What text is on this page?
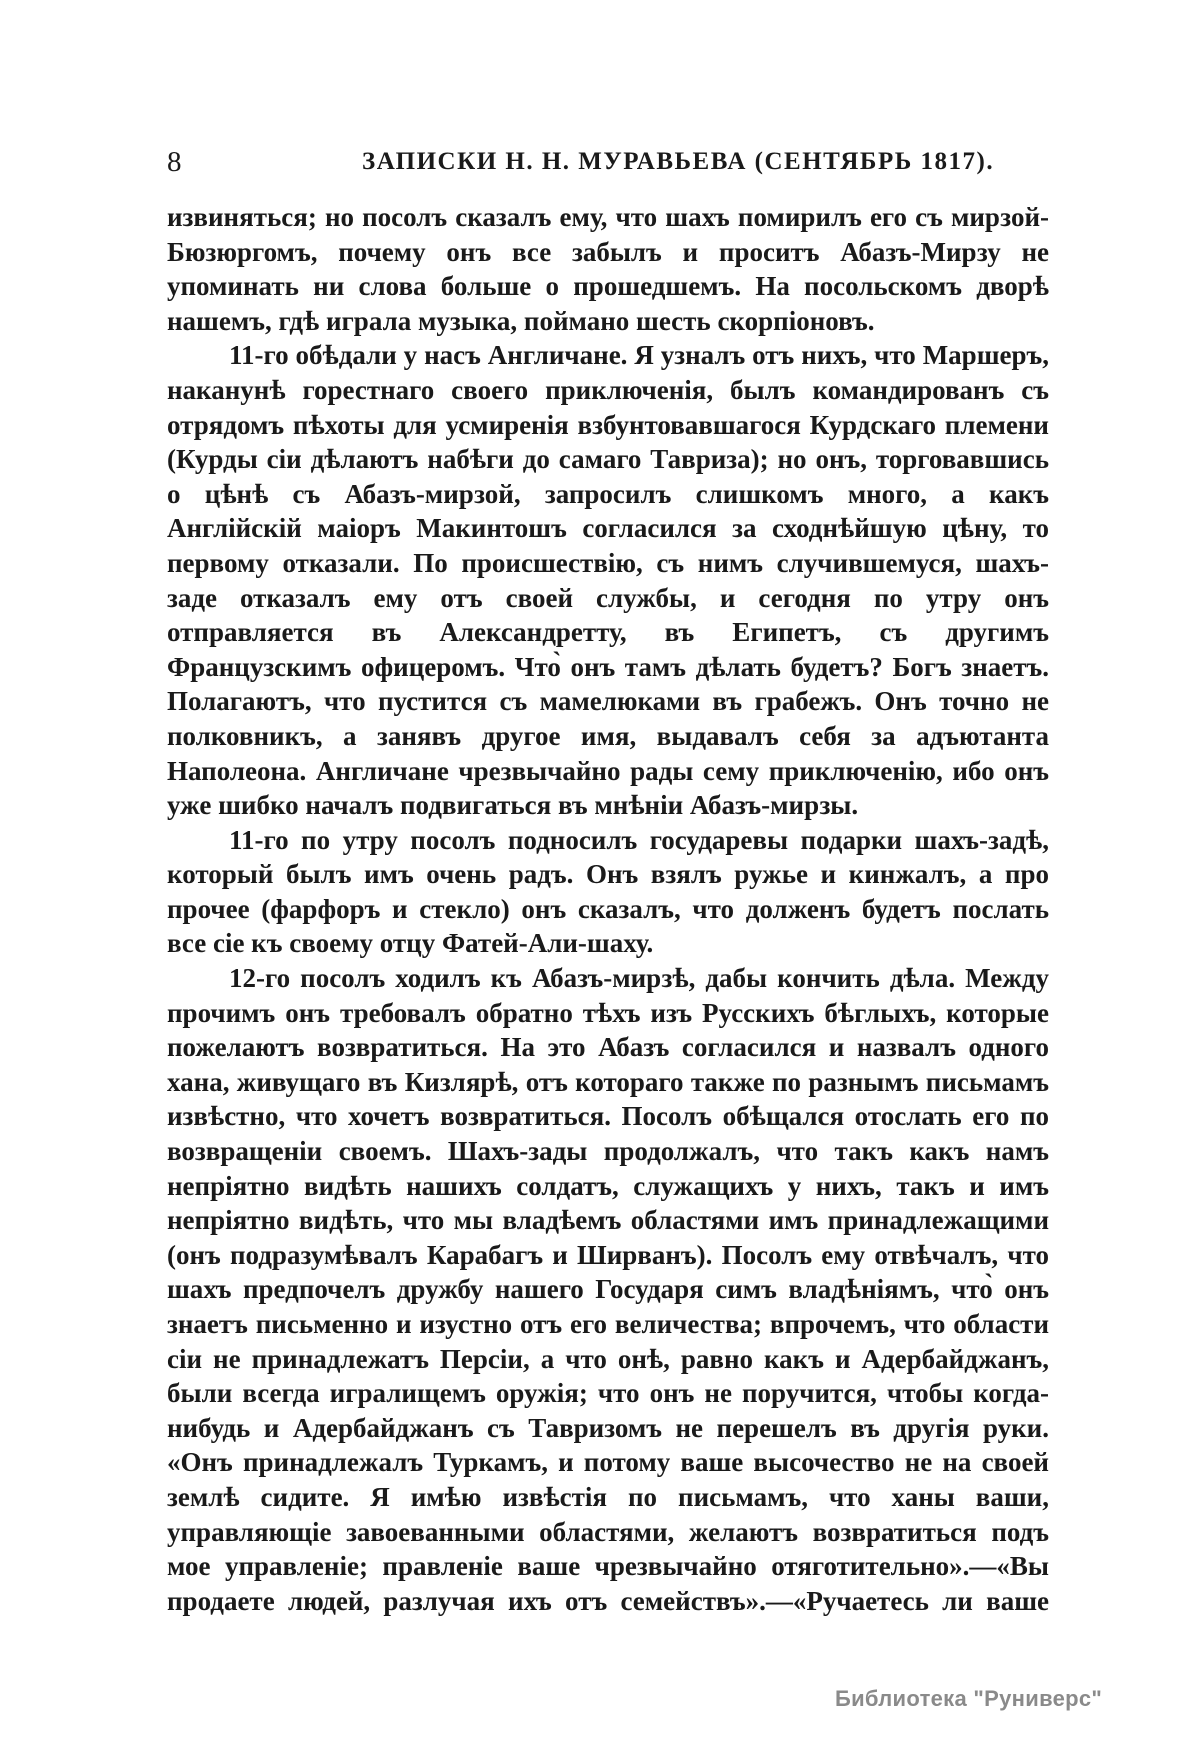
8	ЗАПИСКИ Н. Н. МУРАВЬЕВА (СЕНТЯБРЬ 1817).

извиняться; но посолъ сказалъ ему, что шахъ помирилъ его съ мирзой-Бюзюргомъ, почему онъ все забылъ и проситъ Абазъ-Мирзу не упоминать ни слова больше о прошедшемъ. На посольскомъ дворѣ нашемъ, гдѣ играла музыка, поймано шесть скорпіоновъ.

11-го обѣдали у насъ Англичане. Я узналъ отъ нихъ, что Маршеръ, наканунѣ горестнаго своего приключенія, былъ командированъ съ отрядомъ пѣхоты для усмиренія взбунтовавшагося Курдскаго племени (Курды сіи дѣлаютъ набѣги до самаго Тавриза); но онъ, торговавшись о цѣнѣ съ Абазъ-мирзой, запросилъ слишкомъ много, а какъ Англійскій маіоръ Макинтошъ согласился за сходнѣйшую цѣну, то первому отказали. По происшествію, съ нимъ случившемуся, шахъ-заде отказалъ ему отъ своей службы, и сегодня по утру онъ отправляется въ Александретту, въ Египетъ, съ другимъ Французскимъ офицеромъ. Что̀ онъ тамъ дѣлать будетъ? Богъ знаетъ. Полагаютъ, что пустится съ мамелюками въ грабежъ. Онъ точно не полковникъ, а занявъ другое имя, выдавалъ себя за адъютанта Наполеона. Англичане чрезвычайно рады сему приключенію, ибо онъ уже шибко началъ подвигаться въ мнѣніи Абазъ-мирзы.

11-го по утру посолъ подносилъ государевы подарки шахъ-задѣ, который былъ имъ очень радъ. Онъ взялъ ружье и кинжалъ, а про прочее (фарфоръ и стекло) онъ сказалъ, что долженъ будетъ послать все сіе къ своему отцу Фатей-Али-шаху.

12-го посолъ ходилъ къ Абазъ-мирзѣ, дабы кончить дѣла. Между прочимъ онъ требовалъ обратно тѣхъ изъ Русскихъ бѣглыхъ, которые пожелаютъ возвратиться. На это Абазъ согласился и назвалъ одного хана, живущаго въ Кизлярѣ, отъ котораго также по разнымъ письмамъ извѣстно, что хочетъ возвратиться. Посолъ обѣщался отослать его по возвращеніи своемъ. Шахъ-зады продолжалъ, что такъ какъ намъ непріятно видѣть нашихъ солдатъ, служащихъ у нихъ, такъ и имъ непріятно видѣть, что мы владѣемъ областями имъ принадлежащими (онъ подразумѣвалъ Карабагъ и Ширванъ). Посолъ ему отвѣчалъ, что шахъ предпочелъ дружбу нашего Государя симъ владѣніямъ, что̀ онъ знаетъ письменно и изустно отъ его величества; впрочемъ, что области сіи не принадлежатъ Персіи, а что онѣ, равно какъ и Адербайджанъ, были всегда игралищемъ оружія; что онъ не поручится, чтобы когда-нибудь и Адербайджанъ съ Тавризомъ не перешелъ въ другія руки. «Онъ принадлежалъ Туркамъ, и потому ваше высочество не на своей землѣ сидите. Я имѣю извѣстія по письмамъ, что ханы ваши, управляющіе завоеванными областями, желаютъ возвратиться подъ мое управленіе; правленіе ваше чрезвычайно отяготительно».—«Вы продаете людей, разлучая ихъ отъ семействъ».—«Ручаетесь ли ваше

Библиотека "Руниверс"
